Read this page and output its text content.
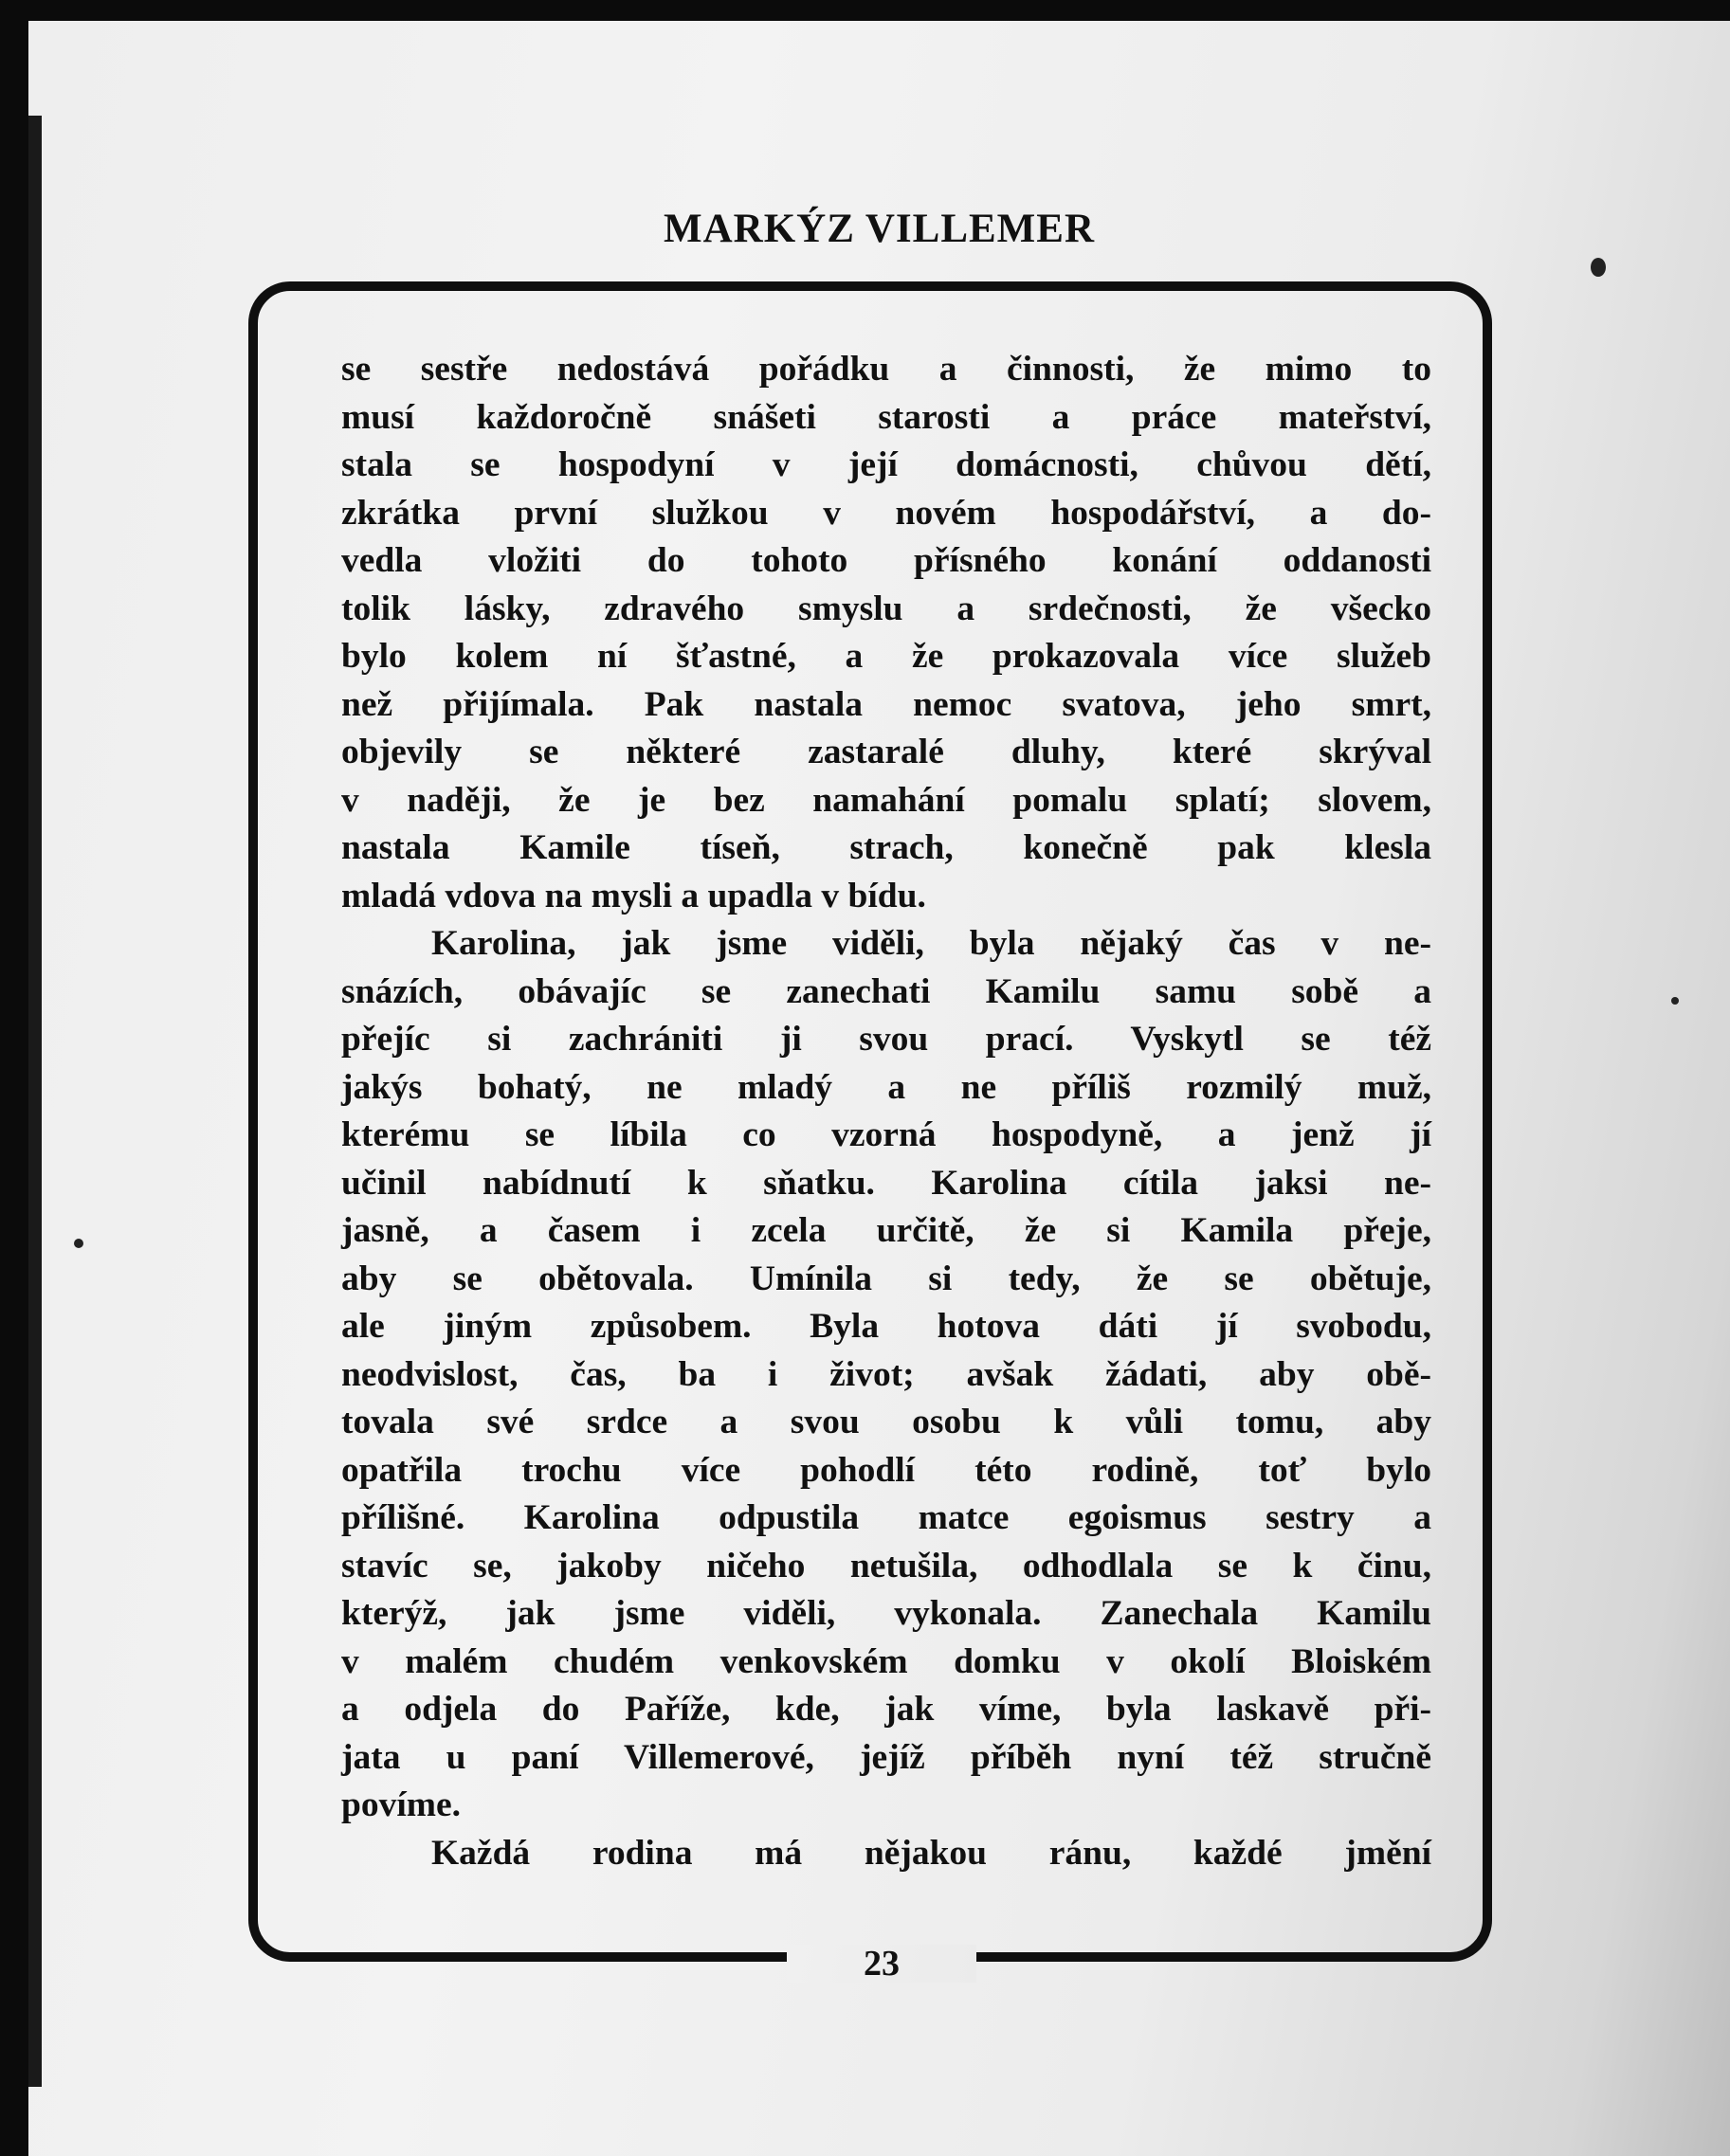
MARKÝZ VILLEMER
23
se sestře nedostává pořádku a činnosti, že mimo to
musí každoročně snášeti starosti a práce mateřství,
stala se hospodyní v její domácnosti, chůvou dětí,
zkrátka první služkou v novém hospodářství, a do-
vedla vložiti do tohoto přísného konání oddanosti
tolik lásky, zdravého smyslu a srdečnosti, že všecko
bylo kolem ní šťastné, a že prokazovala více služeb
než přijímala. Pak nastala nemoc svatova, jeho smrt,
objevily se některé zastaralé dluhy, které skrýval
v naději, že je bez namahání pomalu splatí; slovem,
nastala Kamile tíseň, strach, konečně pak klesla
mladá vdova na mysli a upadla v bídu.
Karolina, jak jsme viděli, byla nějaký čas v ne-
snázích, obávajíc se zanechati Kamilu samu sobě a
přejíc si zachrániti ji svou prací. Vyskytl se též
jakýs bohatý, ne mladý a ne příliš rozmilý muž,
kterému se líbila co vzorná hospodyně, a jenž jí
učinil nabídnutí k sňatku. Karolina cítila jaksi ne-
jasně, a časem i zcela určitě, že si Kamila přeje,
aby se obětovala. Umínila si tedy, že se obětuje,
ale jiným způsobem. Byla hotova dáti jí svobodu,
neodvislost, čas, ba i život; avšak žádati, aby obě-
tovala své srdce a svou osobu k vůli tomu, aby
opatřila trochu více pohodlí této rodině, toť bylo
přílišné. Karolina odpustila matce egoismus sestry a
stavíc se, jakoby ničeho netušila, odhodlala se k činu,
kterýž, jak jsme viděli, vykonala. Zanechala Kamilu
v malém chudém venkovském domku v okolí Bloiském
a odjela do Paříže, kde, jak víme, byla laskavě při-
jata u paní Villemerové, jejíž příběh nyní též stručně
povíme.
Každá rodina má nějakou ránu, každé jmění
